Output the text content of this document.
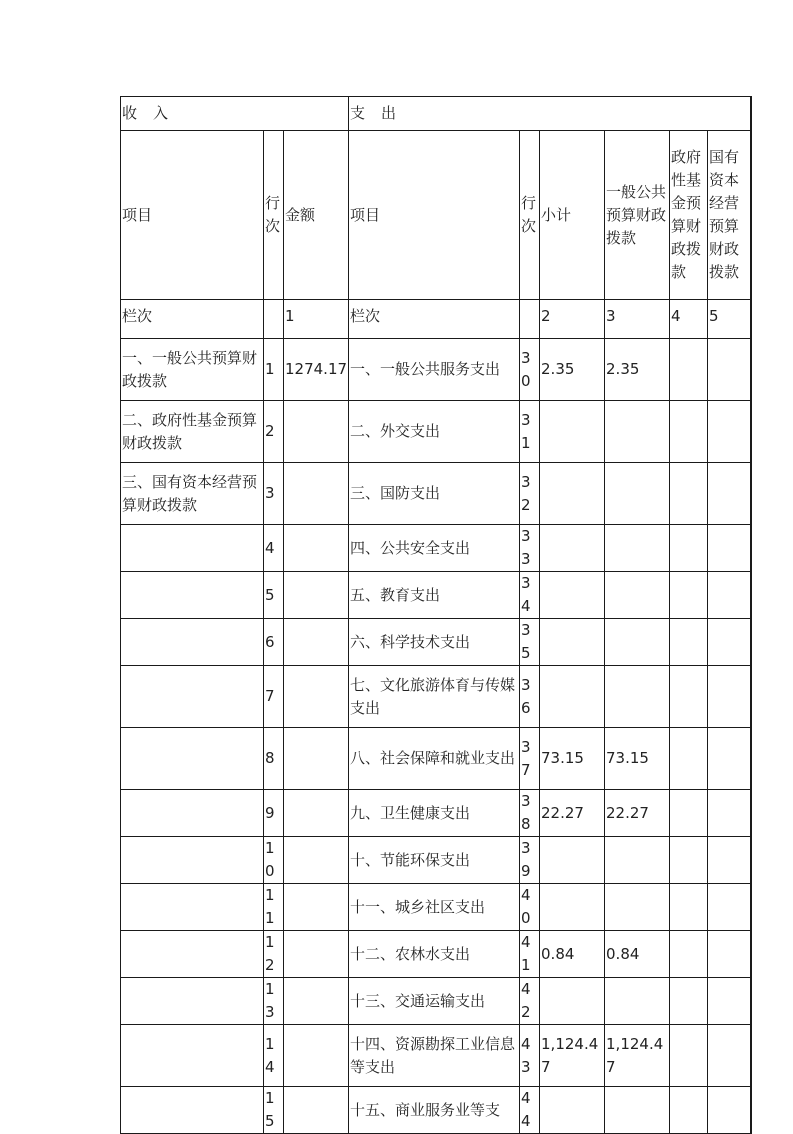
收　入			支　出					
项目	行次	金额	项目	行次	小计	一般公共预算财政拨款	政府性基金预算财政拨款	国有资本经营预算财政拨款
栏次		1	栏次		2	3	4	5
一、一般公共预算财政拨款	1	1274.17	一、一般公共服务支出	30	2.35	2.35		
二、政府性基金预算财政拨款	2		二、外交支出	31				
三、国有资本经营预算财政拨款	3		三、国防支出	32				
	4		四、公共安全支出	33				
	5		五、教育支出	34				
	6		六、科学技术支出	35				
	7		七、文化旅游体育与传媒支出	36				
	8		八、社会保障和就业支出	37	73.15	73.15		
	9		九、卫生健康支出	38	22.27	22.27		
	10		十、节能环保支出	39				
	11		十一、城乡社区支出	40				
	12		十二、农林水支出	41	0.84	0.84		
	13		十三、交通运输支出	42				
	14		十四、资源勘探工业信息等支出	43	1,124.47	1,124.47		
	15		十五、商业服务业等支	44				
